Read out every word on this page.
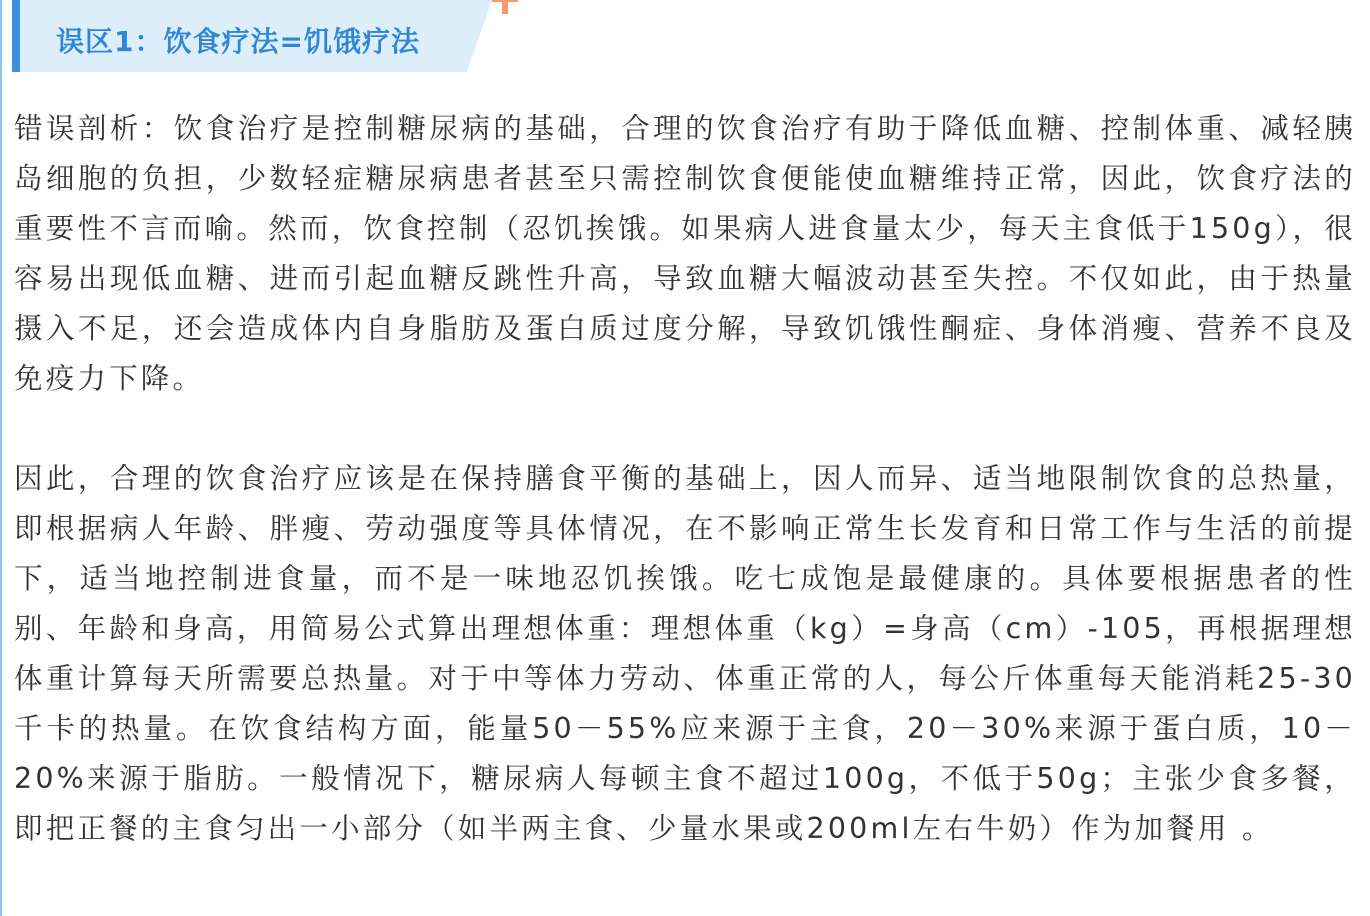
误区1：饮食疗法=饥饿疗法

错误剖析：饮食治疗是控制糖尿病的基础，合理的饮食治疗有助于降低血糖、控制体重、减轻胰岛细胞的负担，少数轻症糖尿病患者甚至只需控制饮食便能使血糖维持正常，因此，饮食疗法的重要性不言而喻。然而，饮食控制（忍饥挨饿。如果病人进食量太少，每天主食低于150g），很容易出现低血糖、进而引起血糖反跳性升高，导致血糖大幅波动甚至失控。不仅如此，由于热量摄入不足，还会造成体内自身脂肪及蛋白质过度分解，导致饥饿性酮症、身体消瘦、营养不良及免疫力下降。

因此，合理的饮食治疗应该是在保持膳食平衡的基础上，因人而异、适当地限制饮食的总热量，即根据病人年龄、胖瘦、劳动强度等具体情况，在不影响正常生长发育和日常工作与生活的前提下，适当地控制进食量，而不是一味地忍饥挨饿。吃七成饱是最健康的。具体要根据患者的性别、年龄和身高，用简易公式算出理想体重：理想体重（kg）=身高（cm）-105，再根据理想体重计算每天所需要总热量。对于中等体力劳动、体重正常的人，每公斤体重每天能消耗25-30千卡的热量。在饮食结构方面，能量50－55%应来源于主食，20－30%来源于蛋白质，10－20%来源于脂肪。一般情况下，糖尿病人每顿主食不超过100g，不低于50g；主张少食多餐，即把正餐的主食匀出一小部分（如半两主食、少量水果或200ml左右牛奶）作为加餐用 。
